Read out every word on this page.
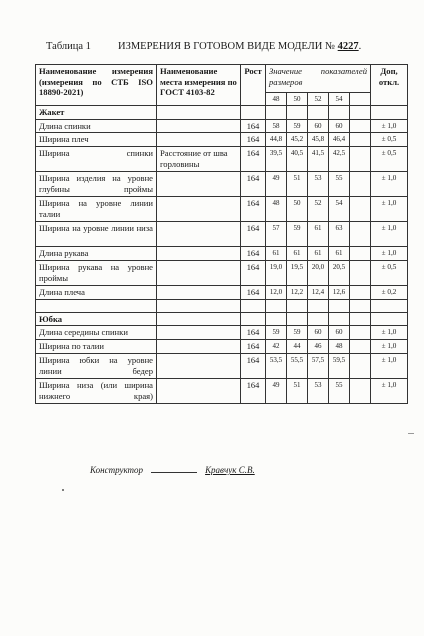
Таблица 1	ИЗМЕРЕНИЯ В ГОТОВОМ ВИДЕ МОДЕЛИ № 4227.
Наименование измерения (измерения по СТБ ISO 18890-2021)	Наименование места измерения по ГОСТ 4103-82	Рост	Значение показателей
размеров					Доп, откл.
			48	50	52	54		
Жакет								
Длина спинки		164	58	59	60	60		± 1,0
Ширина плеч		164	44,8	45,2	45,8	46,4		± 0,5
Ширина спинки	Расстояние от шва горловины	164	39,5	40,5	41,5	42,5		± 0,5
Ширина изделия на уровне глубины проймы		164	49	51	53	55		± 1,0
Ширина на уровне линии талии		164	48	50	52	54		± 1,0
Ширина на уровне линии низа		164	57	59	61	63		± 1,0
Длина рукава		164	61	61	61	61		± 1,0
Ширина рукава на уровне проймы		164	19,0	19,5	20,0	20,5		± 0,5
Длина плеча		164	12,0	12,2	12,4	12,6		± 0,2

Юбка								
Длина середины спинки		164	59	59	60	60		± 1,0
Ширина по талии		164	42	44	46	48		± 1,0
Ширина юбки на уровне линии бедер		164	53,5	55,5	57,5	59,5		± 1,0
Ширина низа (или ширина нижнего края)		164	49	51	53	55		± 1,0
Конструктор	Кравчук С.В.
